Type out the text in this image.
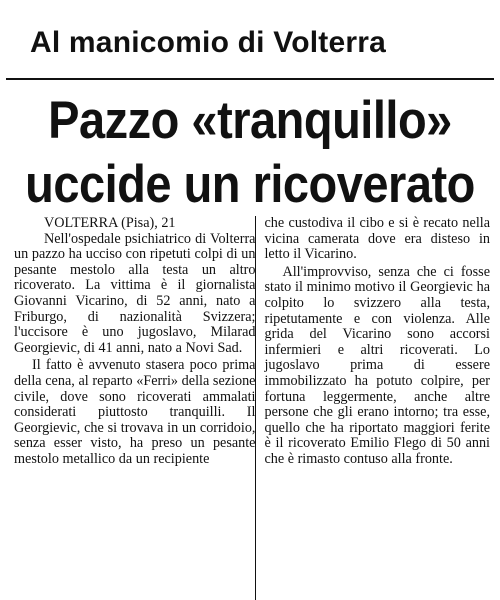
Al manicomio di Volterra
Pazzo «tranquillo»
uccide un ricoverato
VOLTERRA (Pisa), 21

Nell'ospedale psichiatrico di Volterra un pazzo ha ucciso con ripetuti colpi di un pesante mestolo alla testa un altro ricoverato. La vittima è il giornalista Giovanni Vicarino, di 52 anni, nato a Friburgo, di nazionalità Svizzera; l'uccisore è uno jugoslavo, Milarad Georgievic, di 41 anni, nato a Novi Sad.

Il fatto è avvenuto stasera poco prima della cena, al reparto «Ferri» della sezione civile, dove sono ricoverati ammalati considerati piuttosto tranquilli. Il Georgievic, che si trovava in un corridoio, senza esser visto, ha preso un pesante mestolo metallico da un recipiente

che custodiva il cibo e si è recato nella vicina camerata dove era disteso in letto il Vicarino.

All'improvviso, senza che ci fosse stato il minimo motivo il Georgievic ha colpito lo svizzero alla testa, ripetutamente e con violenza. Alle grida del Vicarino sono accorsi infermieri e altri ricoverati. Lo jugoslavo prima di essere immobilizzato ha potuto colpire, per fortuna leggermente, anche altre persone che gli erano intorno; tra esse, quello che ha riportato maggiori ferite è il ricoverato Emilio Flego di 50 anni che è rimasto contuso alla fronte.
